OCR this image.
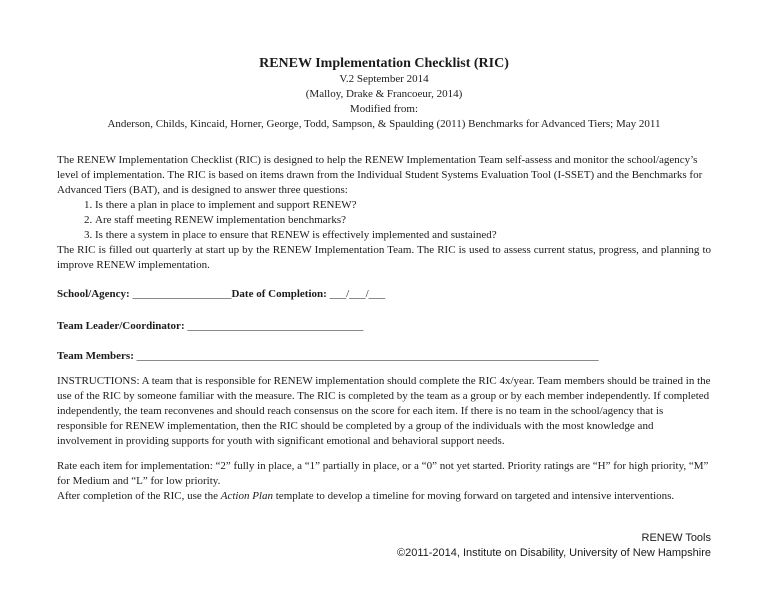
RENEW Implementation Checklist (RIC)
V.2 September 2014
(Malloy, Drake & Francoeur, 2014)
Modified from:
Anderson, Childs, Kincaid, Horner, George, Todd, Sampson, & Spaulding (2011) Benchmarks for Advanced Tiers; May 2011

The RENEW Implementation Checklist (RIC) is designed to help the RENEW Implementation Team self-assess and monitor the school/agency’s level of implementation. The RIC is based on items drawn from the Individual Student Systems Evaluation Tool (I-SSET) and the Benchmarks for Advanced Tiers (BAT), and is designed to answer three questions:

1. Is there a plan in place to implement and support RENEW?
2. Are staff meeting RENEW implementation benchmarks?
3. Is there a system in place to ensure that RENEW is effectively implemented and sustained?

The RIC is filled out quarterly at start up by the RENEW Implementation Team. The RIC is used to assess current status, progress, and planning to improve RENEW implementation.

School/Agency: __________________Date of Completion: ___/___/___

Team Leader/Coordinator: ________________________________

Team Members: ____________________________________________________________________________________

INSTRUCTIONS: A team that is responsible for RENEW implementation should complete the RIC 4x/year. Team members should be trained in the use of the RIC by someone familiar with the measure. The RIC is completed by the team as a group or by each member independently. If completed independently, the team reconvenes and should reach consensus on the score for each item. If there is no team in the school/agency that is responsible for RENEW implementation, then the RIC should be completed by a group of the individuals with the most knowledge and involvement in providing supports for youth with significant emotional and behavioral support needs.

Rate each item for implementation: “2” fully in place, a “1” partially in place, or a “0” not yet started. Priority ratings are “H” for high priority, “M” for Medium and “L” for low priority.

After completion of the RIC, use the Action Plan template to develop a timeline for moving forward on targeted and intensive interventions.

RENEW Tools
©2011-2014, Institute on Disability, University of New Hampshire
